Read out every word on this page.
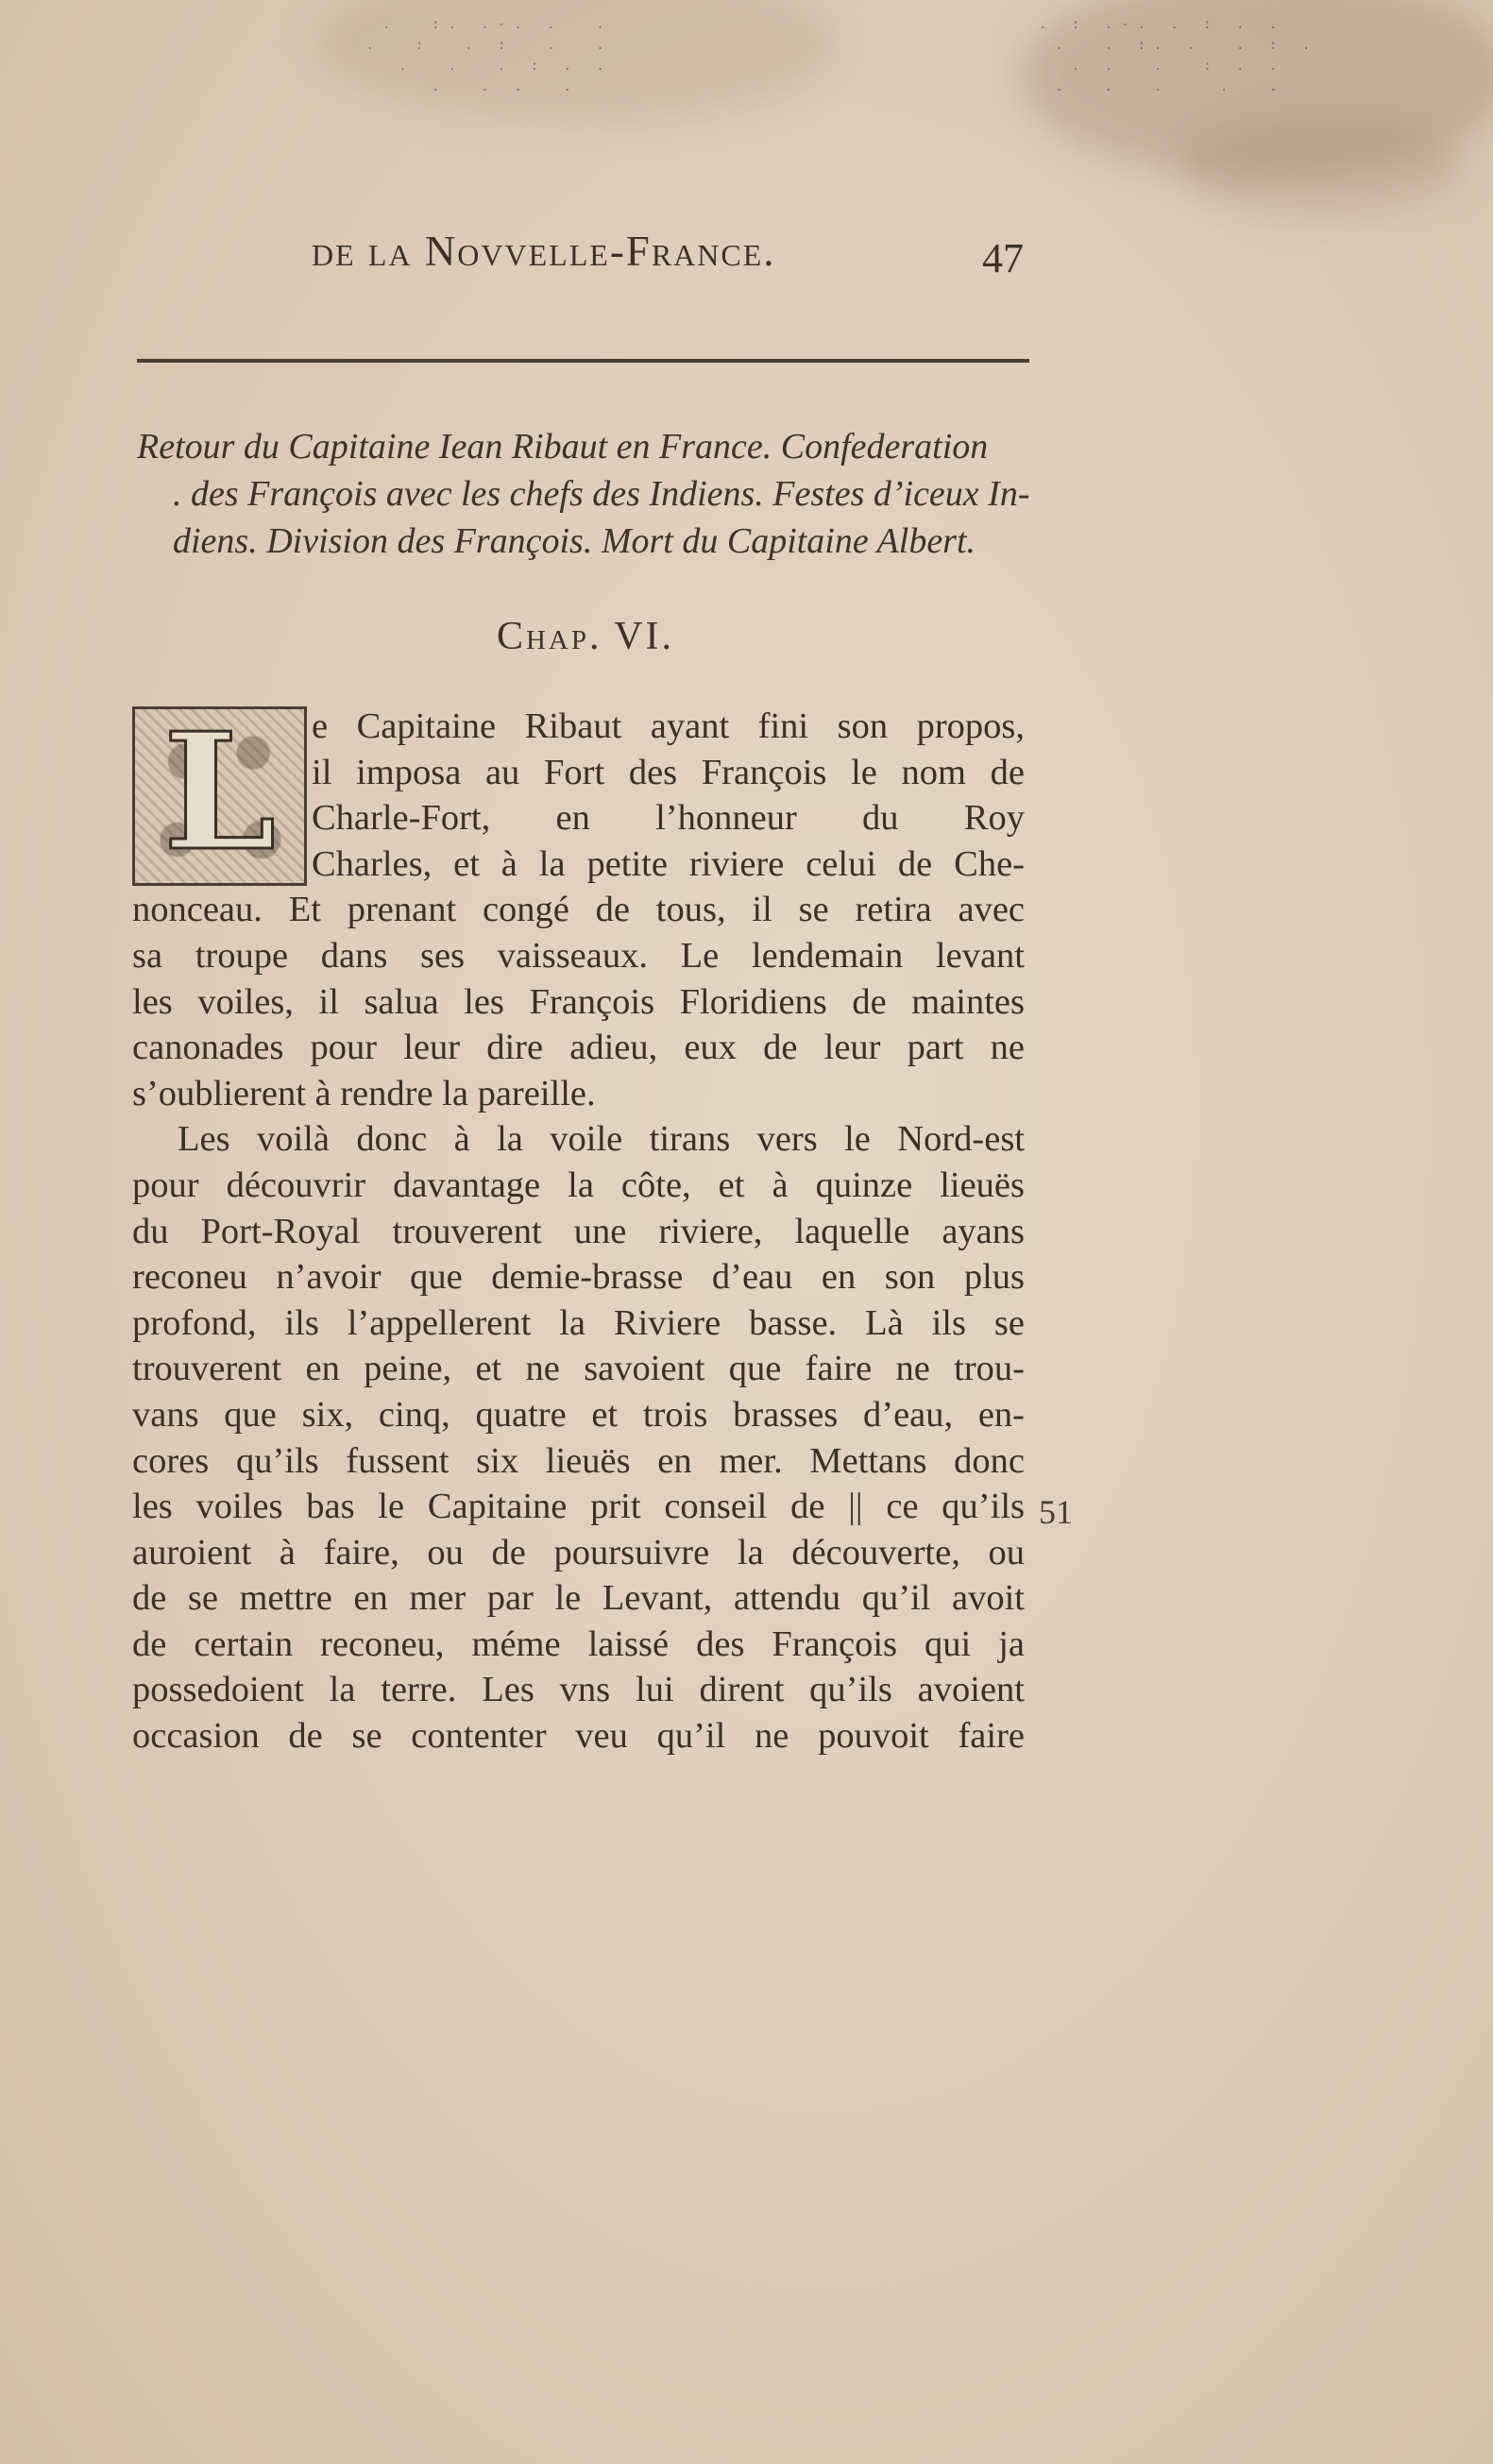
.  :. .-. .  .
.  :  . :  .  .
.  .  . : . .
.  . .  .
. : .-. . : . .
.  . :. .  . : .
. .  .  : . .
.  .  .   .  .
de la Novvelle-France.	47
Retour du Capitaine Iean Ribaut en France. Confederation
. des François avec les chefs des Indiens. Festes d’iceux In-
diens. Division des François. Mort du Capitaine Albert.
Chap. VI.
L e Capitaine Ribaut ayant fini son propos,
il imposa au Fort des François le nom de
Charle-Fort, en l’honneur du Roy
Charles, et à la petite riviere celui de Che-
nonceau. Et prenant congé de tous, il se retira avec
sa troupe dans ses vaisseaux. Le lendemain levant
les voiles, il salua les François Floridiens de maintes
canonades pour leur dire adieu, eux de leur part ne
s’oublierent à rendre la pareille.
Les voilà donc à la voile tirans vers le Nord-est
pour découvrir davantage la côte, et à quinze lieuës
du Port-Royal trouverent une riviere, laquelle ayans
reconeu n’avoir que demie-brasse d’eau en son plus
profond, ils l’appellerent la Riviere basse. Là ils se
trouverent en peine, et ne savoient que faire ne trou-
vans que six, cinq, quatre et trois brasses d’eau, en-
cores qu’ils fussent six lieuës en mer. Mettans donc
les voiles bas le Capitaine prit conseil de || ce qu’ils
auroient à faire, ou de poursuivre la découverte, ou
de se mettre en mer par le Levant, attendu qu’il avoit
de certain reconeu, méme laissé des François qui ja
possedoient la terre. Les vns lui dirent qu’ils avoient
occasion de se contenter veu qu’il ne pouvoit faire
51
